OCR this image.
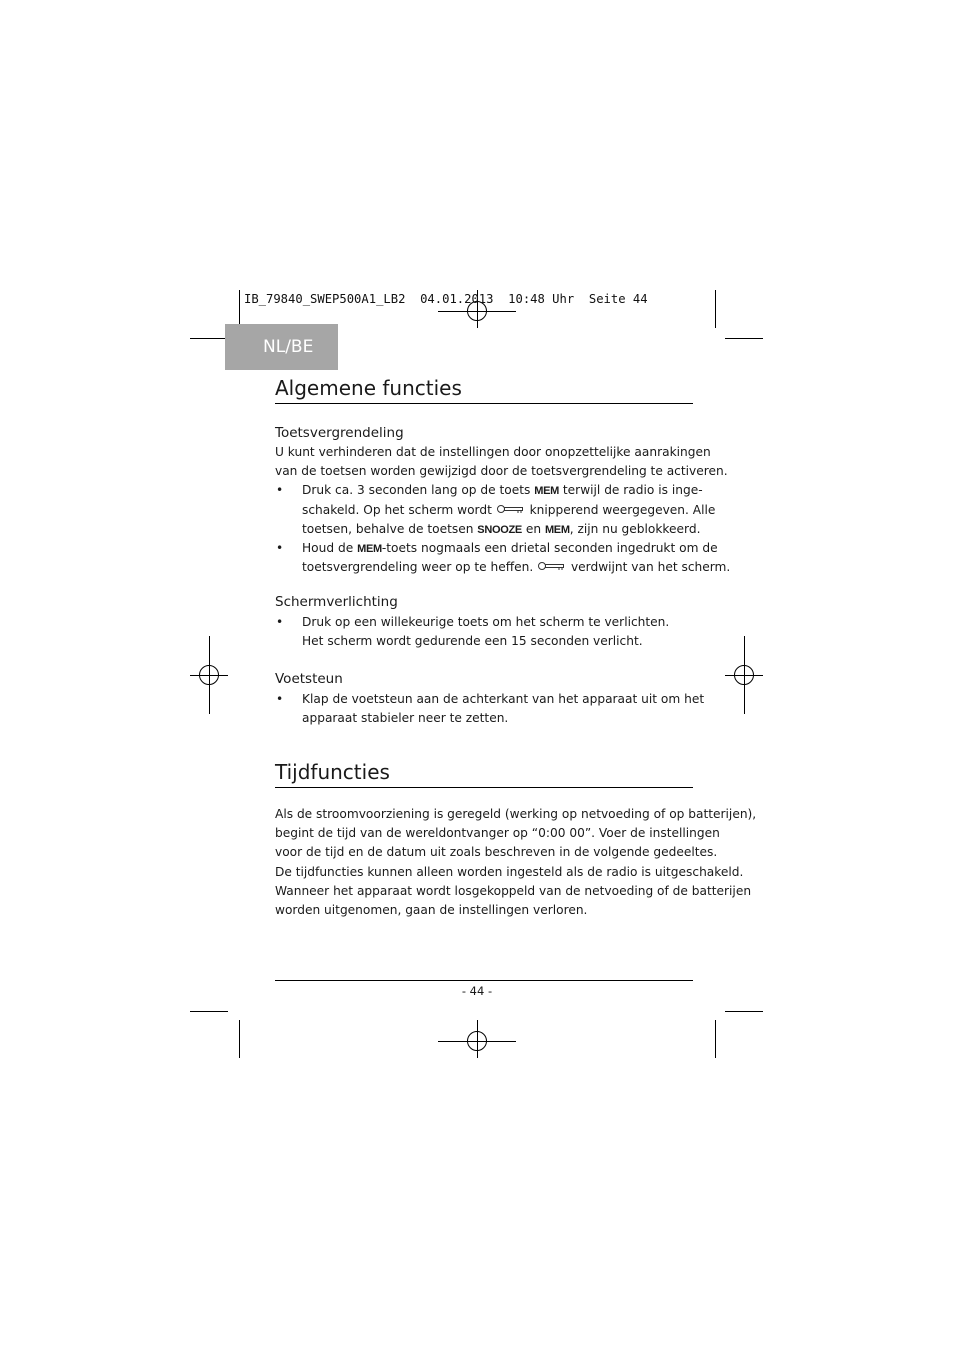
IB_79840_SWEP500A1_LB2  04.01.2013  10:48 Uhr  Seite 44
NL/BE
Algemene functies
Toetsvergrendeling
U kunt verhinderen dat de instellingen door onopzettelijke aanrakingen
van de toetsen worden gewijzigd door de toetsvergrendeling te activeren.
• Druk ca. 3 seconden lang op de toets MEM terwijl de radio is inge-
schakeld. Op het scherm wordt  knipperend weergegeven. Alle
toetsen, behalve de toetsen SNOOZE en MEM, zijn nu geblokkeerd.
• Houd de MEM-toets nogmaals een drietal seconden ingedrukt om de
toetsvergrendeling weer op te heffen.  verdwijnt van het scherm.
Schermverlichting
• Druk op een willekeurige toets om het scherm te verlichten.
Het scherm wordt gedurende een 15 seconden verlicht.
Voetsteun
• Klap de voetsteun aan de achterkant van het apparaat uit om het
apparaat stabieler neer te zetten.
Tijdfuncties
Als de stroomvoorziening is geregeld (werking op netvoeding of op batterijen),
begint de tijd van de wereldontvanger op “0:00 00”. Voer de instellingen
voor de tijd en de datum uit zoals beschreven in de volgende gedeeltes.
De tijdfuncties kunnen alleen worden ingesteld als de radio is uitgeschakeld.
Wanneer het apparaat wordt losgekoppeld van de netvoeding of de batterijen
worden uitgenomen, gaan de instellingen verloren.
- 44 -
